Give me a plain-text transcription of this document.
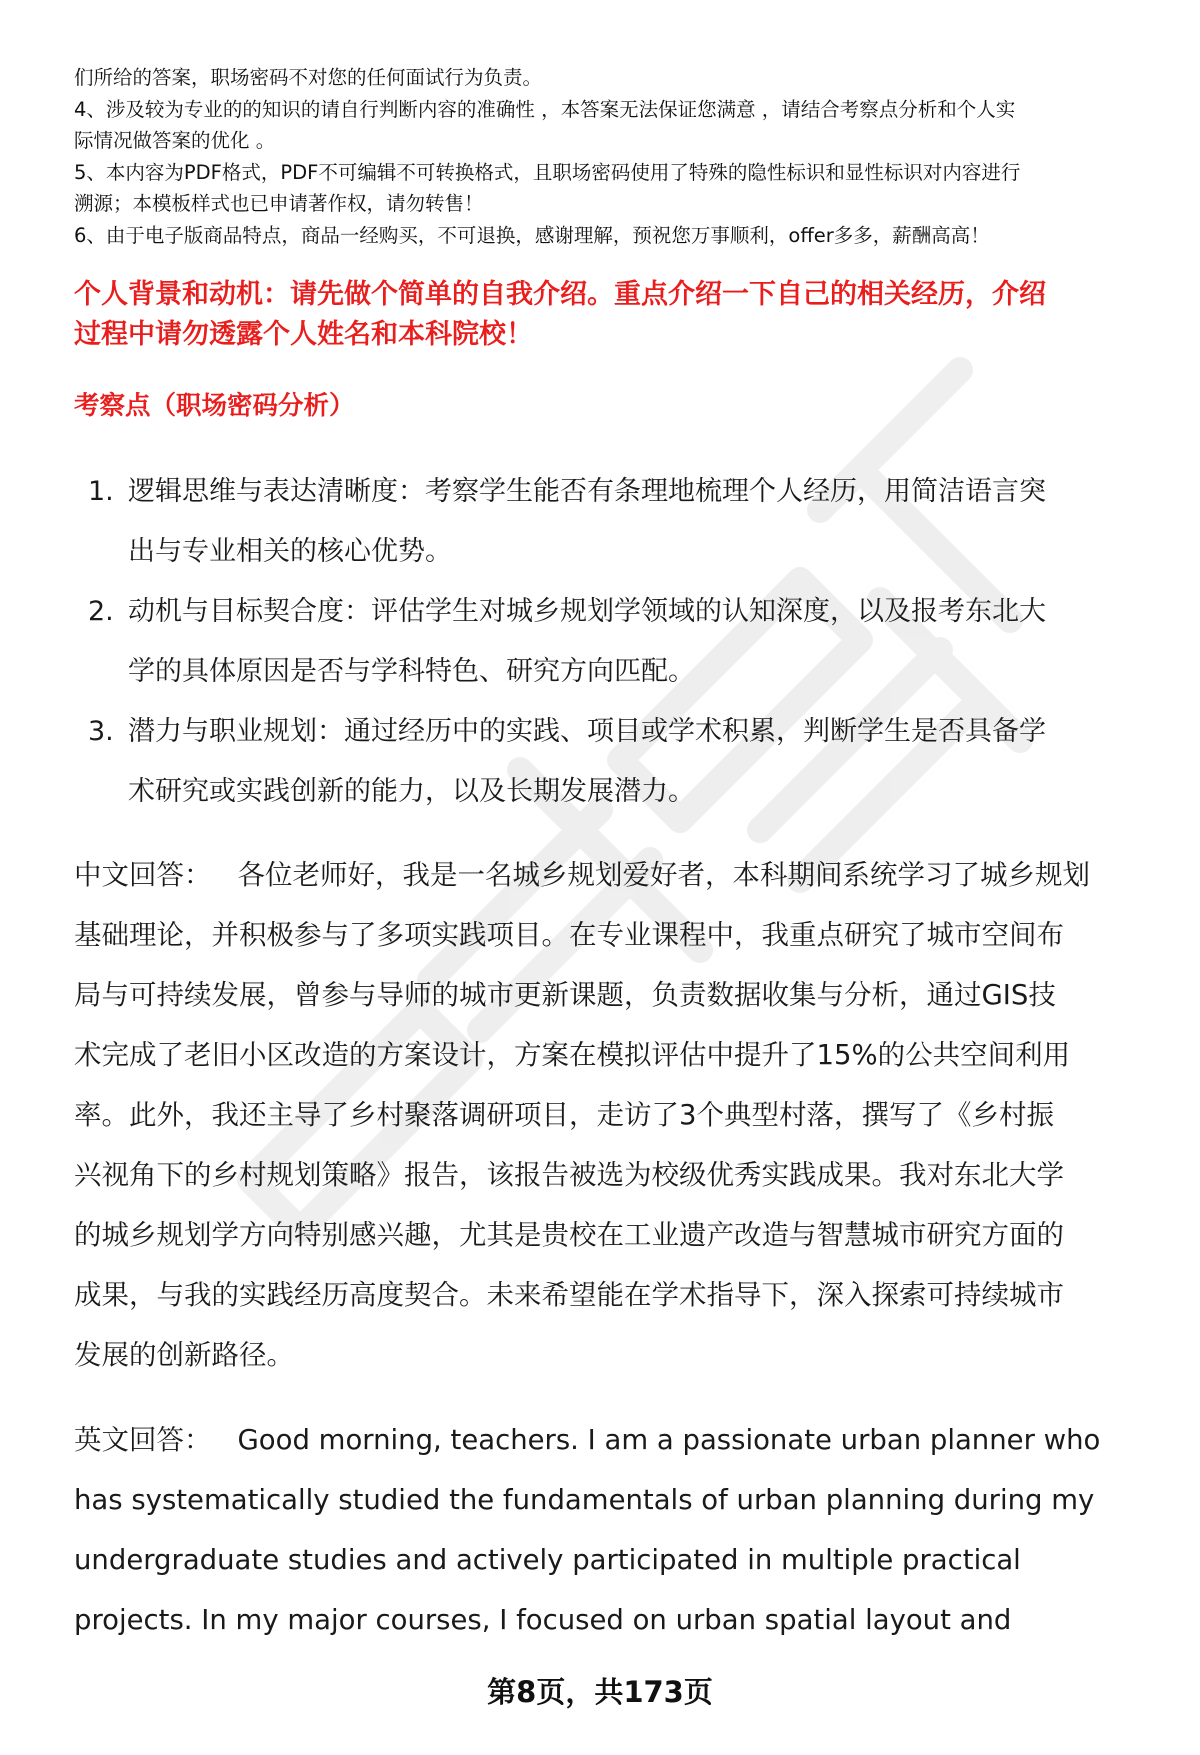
们所给的答案，职场密码不对您的任何面试行为负责。

4、涉及较为专业的的知识的请自行判断内容的准确性 ，本答案无法保证您满意 ，请结合考察点分析和个人实

际情况做答案的优化 。

5、本内容为PDF格式，PDF不可编辑不可转换格式，且职场密码使用了特殊的隐性标识和显性标识对内容进行

溯源；本模板样式也已申请著作权，请勿转售！

6、由于电子版商品特点，商品一经购买，不可退换，感谢理解，预祝您万事顺利，offer多多，薪酬高高！

个人背景和动机：请先做个简单的自我介绍。重点介绍一下自己的相关经历，介绍

过程中请勿透露个人姓名和本科院校！

考察点（职场密码分析）
1. 逻辑思维与表达清晰度：考察学生能否有条理地梳理个人经历，用简洁语言突

出与专业相关的核心优势。

2. 动机与目标契合度：评估学生对城乡规划学领域的认知深度，以及报考东北大

学的具体原因是否与学科特色、研究方向匹配。

3. 潜力与职业规划：通过经历中的实践、项目或学术积累，判断学生是否具备学

术研究或实践创新的能力，以及长期发展潜力。

中文回答： 各位老师好，我是一名城乡规划爱好者，本科期间系统学习了城乡规划

基础理论，并积极参与了多项实践项目。在专业课程中，我重点研究了城市空间布

局与可持续发展，曾参与导师的城市更新课题，负责数据收集与分析，通过GIS技

术完成了老旧小区改造的方案设计，方案在模拟评估中提升了15%的公共空间利用

率。此外，我还主导了乡村聚落调研项目，走访了3个典型村落，撰写了《乡村振

兴视角下的乡村规划策略》报告，该报告被选为校级优秀实践成果。我对东北大学

的城乡规划学方向特别感兴趣，尤其是贵校在工业遗产改造与智慧城市研究方面的

成果，与我的实践经历高度契合。未来希望能在学术指导下，深入探索可持续城市

发展的创新路径。

英文回答： Good morning, teachers. I am a passionate urban planner who

has systematically studied the fundamentals of urban planning during my

undergraduate studies and actively participated in multiple practical

projects. In my major courses, I focused on urban spatial layout and

第8页，共173页
